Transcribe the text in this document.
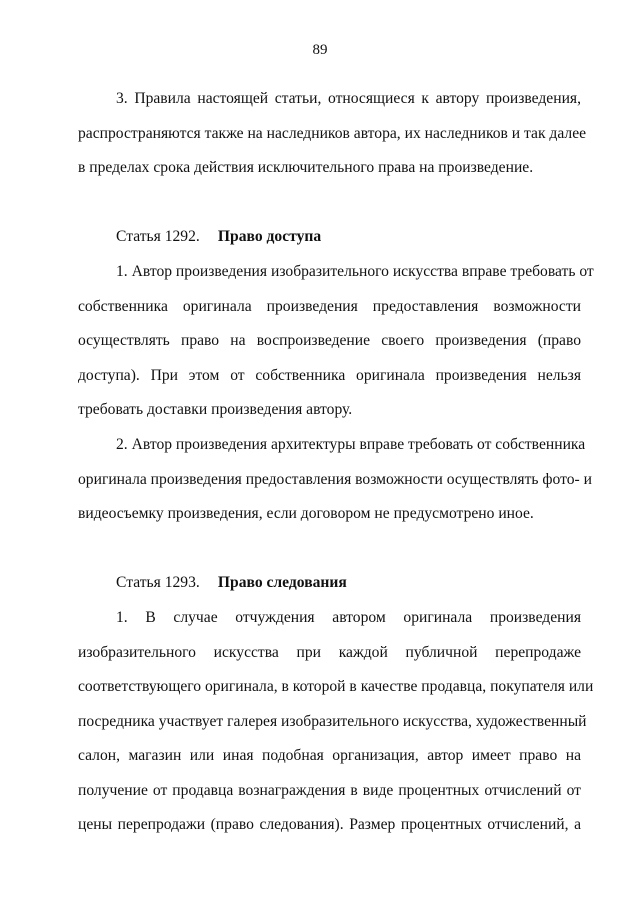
89
3. Правила настоящей статьи, относящиеся к автору произведения,
распространяются также на наследников автора, их наследников и так далее
в пределах срока действия исключительного права на произведение.
Статья 1292. Право доступа
1. Автор произведения изобразительного искусства вправе требовать от
собственника оригинала произведения предоставления возможности
осуществлять право на воспроизведение своего произведения (право
доступа). При этом от собственника оригинала произведения нельзя
требовать доставки произведения автору.
2. Автор произведения архитектуры вправе требовать от собственника
оригинала произведения предоставления возможности осуществлять фото- и
видеосъемку произведения, если договором не предусмотрено иное.
Статья 1293. Право следования
1. В случае отчуждения автором оригинала произведения
изобразительного искусства при каждой публичной перепродаже
соответствующего оригинала, в которой в качестве продавца, покупателя или
посредника участвует галерея изобразительного искусства, художественный
салон, магазин или иная подобная организация, автор имеет право на
получение от продавца вознаграждения в виде процентных отчислений от
цены перепродажи (право следования). Размер процентных отчислений, а
